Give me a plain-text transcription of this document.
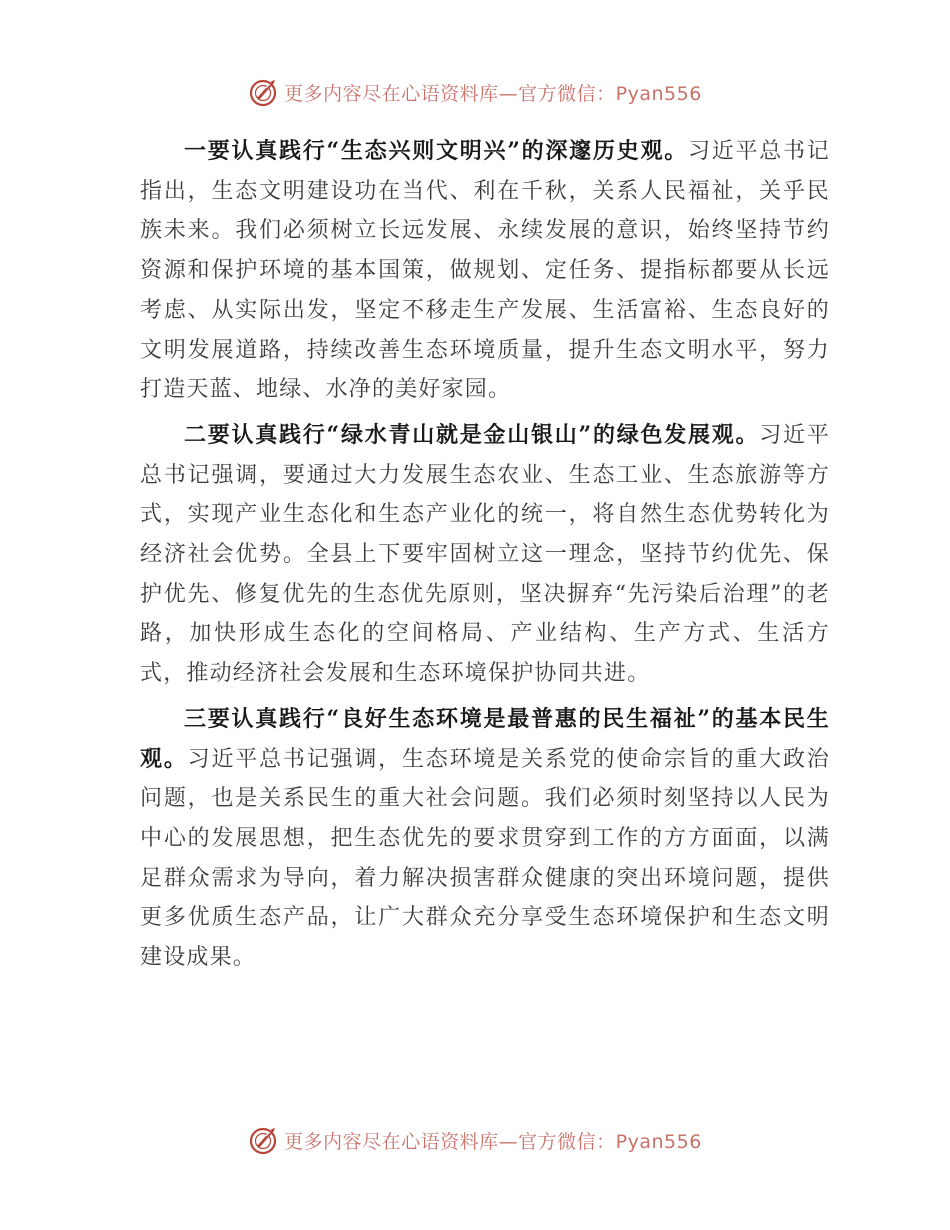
更多内容尽在心语资料库—官方微信：Pyan556

一要认真践行“生态兴则文明兴”的深邃历史观。习近平总书记指出，生态文明建设功在当代、利在千秋，关系人民福祉，关乎民族未来。我们必须树立长远发展、永续发展的意识，始终坚持节约资源和保护环境的基本国策，做规划、定任务、提指标都要从长远考虑、从实际出发，坚定不移走生产发展、生活富裕、生态良好的文明发展道路，持续改善生态环境质量，提升生态文明水平，努力打造天蓝、地绿、水净的美好家园。

二要认真践行“绿水青山就是金山银山”的绿色发展观。习近平总书记强调，要通过大力发展生态农业、生态工业、生态旅游等方式，实现产业生态化和生态产业化的统一，将自然生态优势转化为经济社会优势。全县上下要牢固树立这一理念，坚持节约优先、保护优先、修复优先的生态优先原则，坚决摒弃“先污染后治理”的老路，加快形成生态化的空间格局、产业结构、生产方式、生活方式，推动经济社会发展和生态环境保护协同共进。

三要认真践行“良好生态环境是最普惠的民生福祉”的基本民生观。习近平总书记强调，生态环境是关系党的使命宗旨的重大政治问题，也是关系民生的重大社会问题。我们必须时刻坚持以人民为中心的发展思想，把生态优先的要求贯穿到工作的方方面面，以满足群众需求为导向，着力解决损害群众健康的突出环境问题，提供更多优质生态产品，让广大群众充分享受生态环境保护和生态文明建设成果。

更多内容尽在心语资料库—官方微信：Pyan556
